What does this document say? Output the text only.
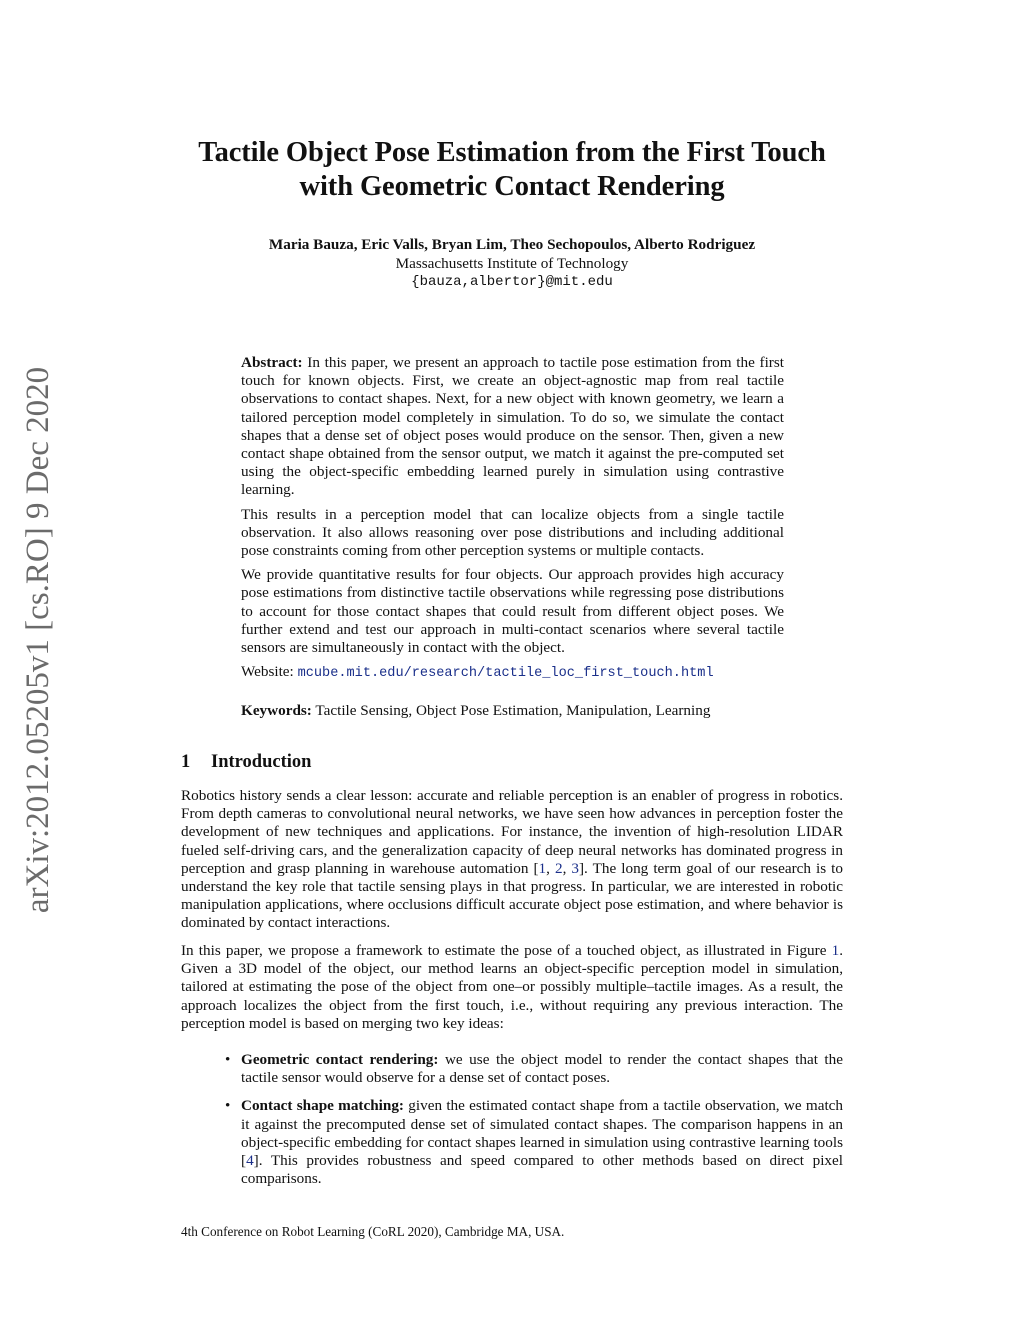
Tactile Object Pose Estimation from the First Touch
with Geometric Contact Rendering
Maria Bauza, Eric Valls, Bryan Lim, Theo Sechopoulos, Alberto Rodriguez
Massachusetts Institute of Technology
{bauza,albertor}@mit.edu
arXiv:2012.05205v1 [cs.RO] 9 Dec 2020

Abstract: In this paper, we present an approach to tactile pose estimation from the first touch for known objects. First, we create an object-agnostic map from real tactile observations to contact shapes. Next, for a new object with known geometry, we learn a tailored perception model completely in simulation. To do so, we simulate the contact shapes that a dense set of object poses would produce on the sensor. Then, given a new contact shape obtained from the sensor output, we match it against the pre-computed set using the object-specific embedding learned purely in simulation using contrastive learning.

This results in a perception model that can localize objects from a single tactile observation. It also allows reasoning over pose distributions and including additional pose constraints coming from other perception systems or multiple contacts.

We provide quantitative results for four objects. Our approach provides high accuracy pose estimations from distinctive tactile observations while regressing pose distributions to account for those contact shapes that could result from different object poses. We further extend and test our approach in multi-contact scenarios where several tactile sensors are simultaneously in contact with the object.

Website: mcube.mit.edu/research/tactile_loc_first_touch.html

Keywords: Tactile Sensing, Object Pose Estimation, Manipulation, Learning
1 Introduction

Robotics history sends a clear lesson: accurate and reliable perception is an enabler of progress in robotics. From depth cameras to convolutional neural networks, we have seen how advances in perception foster the development of new techniques and applications. For instance, the invention of high-resolution LIDAR fueled self-driving cars, and the generalization capacity of deep neural networks has dominated progress in perception and grasp planning in warehouse automation [1, 2, 3]. The long term goal of our research is to understand the key role that tactile sensing plays in that progress. In particular, we are interested in robotic manipulation applications, where occlusions difficult accurate object pose estimation, and where behavior is dominated by contact interactions.

In this paper, we propose a framework to estimate the pose of a touched object, as illustrated in Figure 1. Given a 3D model of the object, our method learns an object-specific perception model in simulation, tailored at estimating the pose of the object from one–or possibly multiple–tactile images. As a result, the approach localizes the object from the first touch, i.e., without requiring any previous interaction. The perception model is based on merging two key ideas:

• Geometric contact rendering: we use the object model to render the contact shapes that the tactile sensor would observe for a dense set of contact poses.
• Contact shape matching: given the estimated contact shape from a tactile observation, we match it against the precomputed dense set of simulated contact shapes. The comparison happens in an object-specific embedding for contact shapes learned in simulation using contrastive learning tools [4]. This provides robustness and speed compared to other methods based on direct pixel comparisons.
4th Conference on Robot Learning (CoRL 2020), Cambridge MA, USA.
